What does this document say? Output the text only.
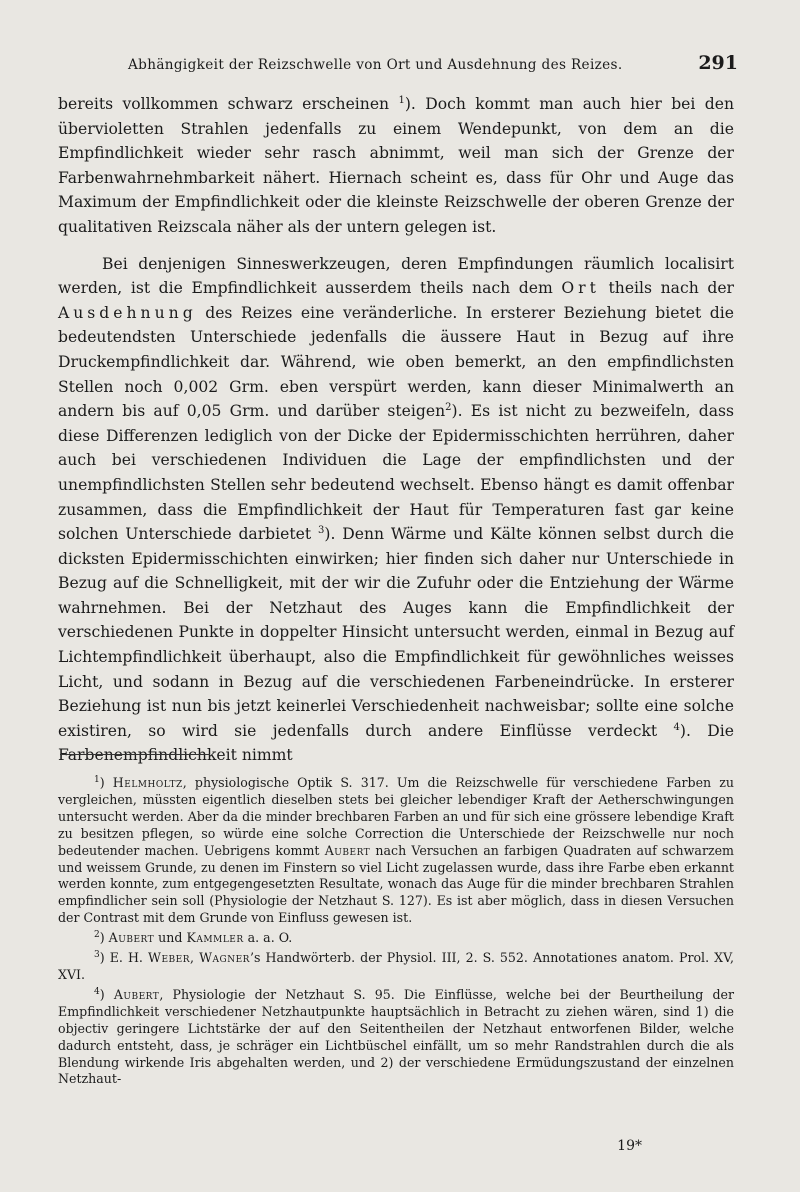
Abhängigkeit der Reizschwelle von Ort und Ausdehnung des Reizes.	291

bereits vollkommen schwarz erscheinen $^1$). Doch kommt man auch hier bei den übervioletten Strahlen jedenfalls zu einem Wendepunkt, von dem an die Empfindlichkeit wieder sehr rasch abnimmt, weil man sich der Grenze der Farbenwahrnehmbarkeit nähert. Hiernach scheint es, dass für Ohr und Auge das Maximum der Empfindlichkeit oder die kleinste Reizschwelle der oberen Grenze der qualitativen Reizscala näher als der untern gelegen ist.

Bei denjenigen Sinneswerkzeugen, deren Empfindungen räumlich localisirt werden, ist die Empfindlichkeit ausserdem theils nach dem Ort theils nach der Ausdehnung des Reizes eine veränderliche. In ersterer Beziehung bietet die bedeutendsten Unterschiede jedenfalls die äussere Haut in Bezug auf ihre Druckempfindlichkeit dar. Während, wie oben bemerkt, an den empfindlichsten Stellen noch 0,002 Grm. eben verspürt werden, kann dieser Minimalwerth an andern bis auf 0,05 Grm. und darüber steigen$^2$). Es ist nicht zu bezweifeln, dass diese Differenzen lediglich von der Dicke der Epidermisschichten herrühren, daher auch bei verschiedenen Individuen die Lage der empfindlichsten und der unempfindlichsten Stellen sehr bedeutend wechselt. Ebenso hängt es damit offenbar zusammen, dass die Empfindlichkeit der Haut für Temperaturen fast gar keine solchen Unterschiede darbietet $^3$). Denn Wärme und Kälte können selbst durch die dicksten Epidermisschichten einwirken; hier finden sich daher nur Unterschiede in Bezug auf die Schnelligkeit, mit der wir die Zufuhr oder die Entziehung der Wärme wahrnehmen. Bei der Netzhaut des Auges kann die Empfindlichkeit der verschiedenen Punkte in doppelter Hinsicht untersucht werden, einmal in Bezug auf Lichtempfindlichkeit überhaupt, also die Empfindlichkeit für gewöhnliches weisses Licht, und sodann in Bezug auf die verschiedenen Farbeneindrücke. In ersterer Beziehung ist nun bis jetzt keinerlei Verschiedenheit nachweisbar; sollte eine solche existiren, so wird sie jedenfalls durch andere Einflüsse verdeckt $^4$). Die Farbenempfindlichkeit nimmt

$^1$) Helmholtz, physiologische Optik S. 317. Um die Reizschwelle für verschiedene Farben zu vergleichen, müssten eigentlich dieselben stets bei gleicher lebendiger Kraft der Aetherschwingungen untersucht werden. Aber da die minder brechbaren Farben an und für sich eine grössere lebendige Kraft zu besitzen pflegen, so würde eine solche Correction die Unterschiede der Reizschwelle nur noch bedeutender machen. Uebrigens kommt Aubert nach Versuchen an farbigen Quadraten auf schwarzem und weissem Grunde, zu denen im Finstern so viel Licht zugelassen wurde, dass ihre Farbe eben erkannt werden konnte, zum entgegengesetzten Resultate, wonach das Auge für die minder brechbaren Strahlen empfindlicher sein soll (Physiologie der Netzhaut S. 127). Es ist aber möglich, dass in diesen Versuchen der Contrast mit dem Grunde von Einfluss gewesen ist.

$^2$) Aubert und Kammler a. a. O.

$^3$) E. H. Weber, Wagner’s Handwörterb. der Physiol. III, 2. S. 552. Annotationes anatom. Prol. XV, XVI.

$^4$) Aubert, Physiologie der Netzhaut S. 95. Die Einflüsse, welche bei der Beurtheilung der Empfindlichkeit verschiedener Netzhautpunkte hauptsächlich in Betracht zu ziehen wären, sind 1) die objectiv geringere Lichtstärke der auf den Seitentheilen der Netzhaut entworfenen Bilder, welche dadurch entsteht, dass, je schräger ein Lichtbüschel einfällt, um so mehr Randstrahlen durch die als Blendung wirkende Iris abgehalten werden, und 2) der verschiedene Ermüdungszustand der einzelnen Netzhaut-

19*
